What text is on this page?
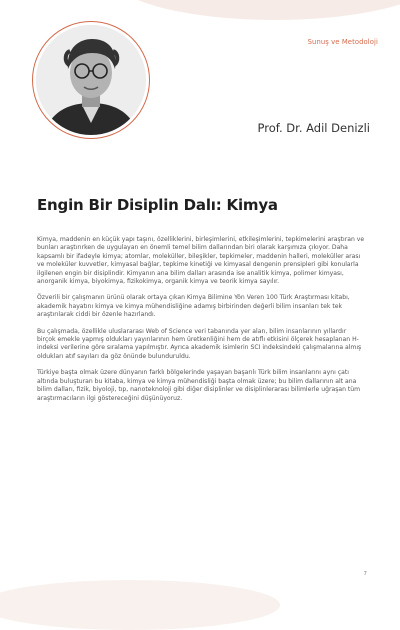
Sunuş ve Metodoloji
Prof. Dr. Adil Denizli
Engin Bir Disiplin Dalı: Kimya

Kimya, maddenin en küçük yapı taşını, özelliklerini, birleşimlerini, etkileşimlerini, tepkimelerini araştıran ve bunları araştırırken de uygulayan en önemli temel bilim dallarından biri olarak karşımıza çıkıyor. Daha kapsamlı bir ifadeyle kimya; atomlar, moleküller, bileşikler, tepkimeler, maddenin halleri, moleküller arası ve moleküler kuvvetler, kimyasal bağlar, tepkime kinetiği ve kimyasal dengenin prensipleri gibi konularla ilgilenen engin bir disiplindir. Kimyanın ana bilim dalları arasında ise analitik kimya, polimer kimyası, anorganik kimya, biyokimya, fizikokimya, organik kimya ve teorik kimya sayılır.

Özverili bir çalışmanın ürünü olarak ortaya çıkan Kimya Bilimine Yön Veren 100 Türk Araştırması kitabı, akademik hayatını kimya ve kimya mühendisliğine adamış birbirinden değerli bilim insanları tek tek araştırılarak ciddi bir özenle hazırlandı.

Bu çalışmada, özellikle uluslararası Web of Science veri tabanında yer alan, bilim insanlarının yıllardır birçok emekle yapmış oldukları yayınlarının hem üretkenliğini hem de atıflı etkisini ölçerek hesaplanan H-indeksi verilerine göre sıralama yapılmıştır. Ayrıca akademik isimlerin SCI indeksindeki çalışmalarına almış oldukları atıf sayıları da göz önünde bulunduruldu.

Türkiye başta olmak üzere dünyanın farklı bölgelerinde yaşayan başarılı Türk bilim insanlarını aynı çatı altında buluşturan bu kitaba, kimya ve kimya mühendisliği başta olmak üzere; bu bilim dallarının alt ana bilim dalları, fizik, biyoloji, tıp, nanoteknoloji gibi diğer disiplinler ve disiplinlerarası bilimlerle uğraşan tüm araştırmacıların ilgi göstereceğini düşünüyoruz.

7
